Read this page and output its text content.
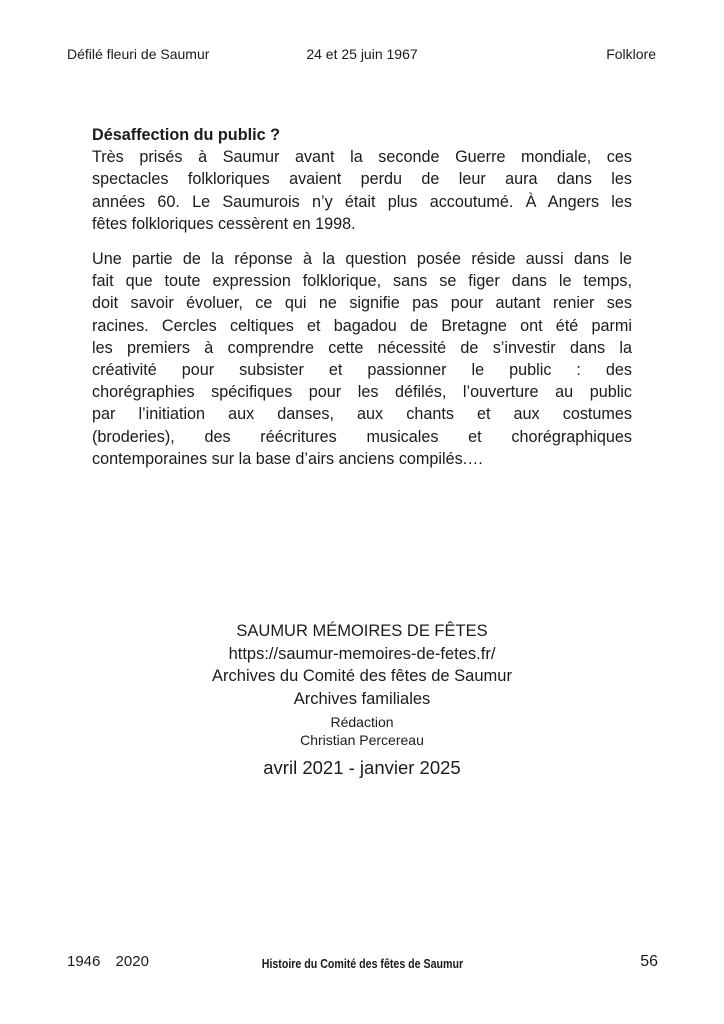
Défilé fleuri de Saumur	24 et 25 juin 1967	Folklore
Désaffection du public ?

Très prisés à Saumur avant la seconde Guerre mondiale, ces
spectacles folkloriques avaient perdu de leur aura dans les
années 60. Le Saumurois n’y était plus accoutumé. À Angers les
fêtes folkloriques cessèrent en 1998.

Une partie de la réponse à la question posée réside aussi dans le
fait que toute expression folklorique, sans se figer dans le temps,
doit savoir évoluer, ce qui ne signifie pas pour autant renier ses
racines. Cercles celtiques et bagadou de Bretagne ont été parmi
les premiers à comprendre cette nécessité de s’investir dans la
créativité pour subsister et passionner le public : des
chorégraphies spécifiques pour les défilés, l’ouverture au public
par l’initiation aux danses, aux chants et aux costumes
(broderies), des réécritures musicales et chorégraphiques
contemporaines sur la base d’airs anciens compilés.…

SAUMUR MÉMOIRES DE FÊTES
https://saumur-memoires-de-fetes.fr/
Archives du Comité des fêtes de Saumur
Archives familiales
Rédaction
Christian Percereau
avril 2021 - janvier 2025
1946 2020	Histoire du Comité des fêtes de Saumur	56
